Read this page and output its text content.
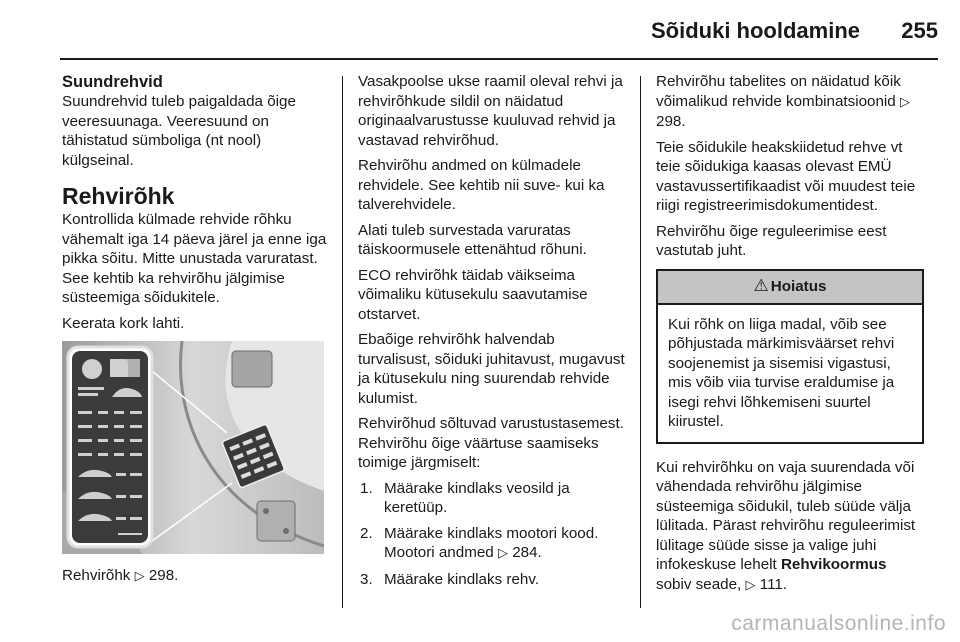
Sõiduki hooldamine 255
Suundrehvid

Suundrehvid tuleb paigaldada õige veeresuunaga. Veeresuund on tähistatud sümboliga (nt nool) külgseinal.

Rehvirõhk

Kontrollida külmade rehvide rõhku vähemalt iga 14 päeva järel ja enne iga pikka sõitu. Mitte unustada varuratast. See kehtib ka rehvirõhu jälgimise süsteemiga sõidukitele.

Keerata kork lahti.

Rehvirõhk ▷ 298.

Vasakpoolse ukse raamil oleval rehvi ja rehvirõhkude sildil on näidatud originaalvarustusse kuuluvad rehvid ja vastavad rehvirõhud.

Rehvirõhu andmed on külmadele rehvidele. See kehtib nii suve- kui ka talverehvidele.

Alati tuleb survestada varuratas täiskoormusele ettenähtud rõhuni.

ECO rehvirõhk täidab väikseima võimaliku kütusekulu saavutamise otstarvet.

Ebaõige rehvirõhk halvendab turvalisust, sõiduki juhitavust, mugavust ja kütusekulu ning suurendab rehvide kulumist.

Rehvirõhud sõltuvad varustustasemest. Rehvirõhu õige väärtuse saamiseks toimige järgmiselt:

1. Määrake kindlaks veosild ja keretüüp.
2. Määrake kindlaks mootori kood. Mootori andmed ▷ 284.
3. Määrake kindlaks rehv.

Rehvirõhu tabelites on näidatud kõik võimalikud rehvide kombinatsioonid ▷ 298.

Teie sõidukile heakskiidetud rehve vt teie sõidukiga kaasas olevast EMÜ vastavussertifikaadist või muudest teie riigi registreerimisdokumentidest.

Rehvirõhu õige reguleerimise eest vastutab juht.

⚠ Hoiatus
Kui rõhk on liiga madal, võib see põhjustada märkimisväärset rehvi soojenemist ja sisemisi vigastusi, mis võib viia turvise eraldumise ja isegi rehvi lõhkemiseni suurtel kiirustel.

Kui rehvirõhku on vaja suurendada või vähendada rehvirõhu jälgimise süsteemiga sõidukil, tuleb süüde välja lülitada. Pärast rehvirõhu reguleerimist lülitage süüde sisse ja valige juhi infokeskuse lehelt Rehvikoormus sobiv seade, ▷ 111.

carmanualsonline.info
